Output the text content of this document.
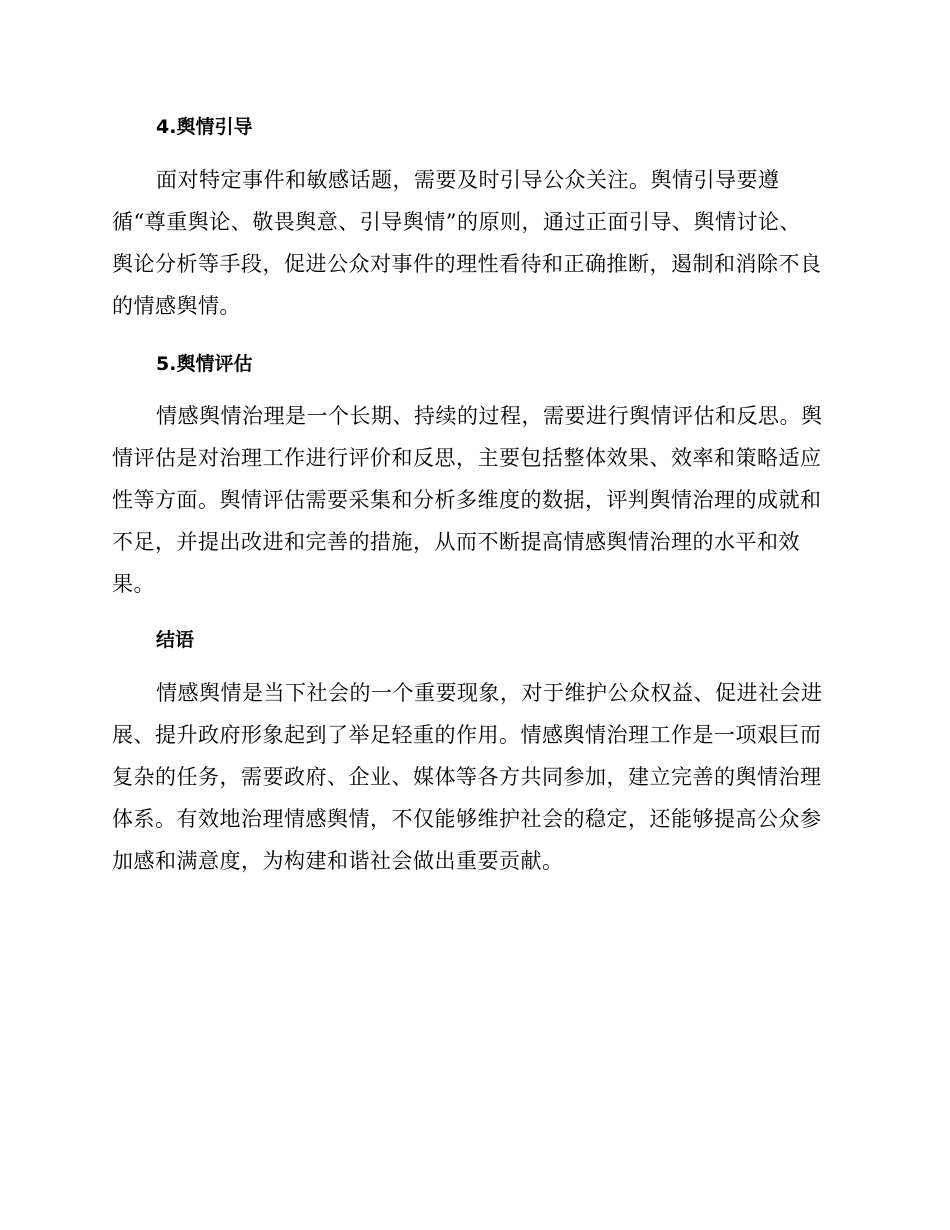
4.舆情引导
面对特定事件和敏感话题，需要及时引导公众关注。舆情引导要遵
循“尊重舆论、敬畏舆意、引导舆情”的原则，通过正面引导、舆情讨论、
舆论分析等手段，促进公众对事件的理性看待和正确推断，遏制和消除不良
的情感舆情。
5.舆情评估
情感舆情治理是一个长期、持续的过程，需要进行舆情评估和反思。舆
情评估是对治理工作进行评价和反思，主要包括整体效果、效率和策略适应
性等方面。舆情评估需要采集和分析多维度的数据，评判舆情治理的成就和
不足，并提出改进和完善的措施，从而不断提高情感舆情治理的水平和效
果。
结语
情感舆情是当下社会的一个重要现象，对于维护公众权益、促进社会进
展、提升政府形象起到了举足轻重的作用。情感舆情治理工作是一项艰巨而
复杂的任务，需要政府、企业、媒体等各方共同参加，建立完善的舆情治理
体系。有效地治理情感舆情，不仅能够维护社会的稳定，还能够提高公众参
加感和满意度，为构建和谐社会做出重要贡献。
